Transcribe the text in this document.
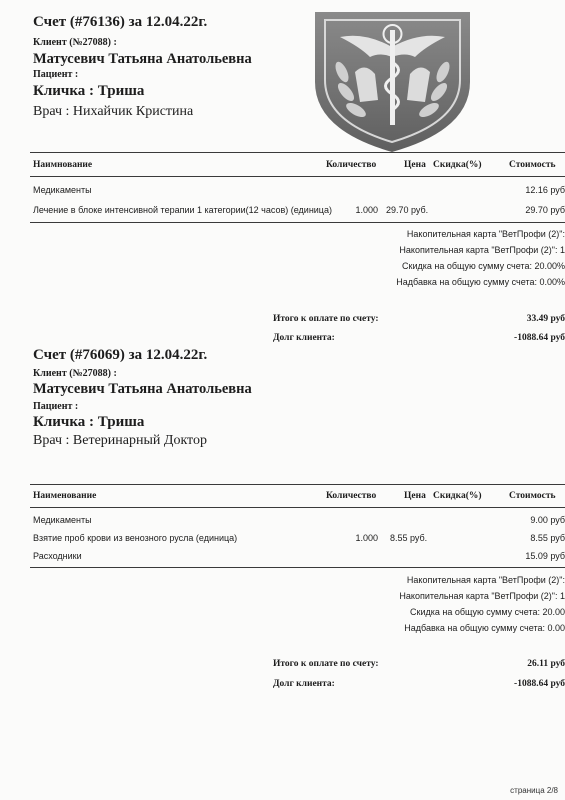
Счет (#76136) за 12.04.22г.
Клиент (№27088) :
Матусевич Татьяна Анатольевна
Пациент :
Кличка : Триша
Врач : Нихайчик Кристина
Наимнование	Количество	Цена Скидка(%)	Стоимость
Медикаменты	12.16 руб
Лечение в блоке интенсивной терапии 1 категории(12 часов) (единица)	1.000 29.70 руб.	29.70 руб
Накопительная карта "ВетПрофи (2)":
Накопительная карта "ВетПрофи (2)": 1
Скидка на общую сумму счета: 20.00%
Надбавка на общую сумму счета: 0.00%
Итого к оплате по счету:	33.49 руб
Долг клиента:	-1088.64 руб
Счет (#76069) за 12.04.22г.
Клиент (№27088) :
Матусевич Татьяна Анатольевна
Пациент :
Кличка : Триша
Врач : Ветеринарный Доктор
Наименование	Количество	Цена Скидка(%)	Стоимость
Медикаменты	9.00 руб
Взятие проб крови из венозного русла (единица)	1.000 8.55 руб.	8.55 руб
Расходники	15.09 руб
Накопительная карта "ВетПрофи (2)":
Накопительная карта "ВетПрофи (2)": 1
Скидка на общую сумму счета: 20.00
Надбавка на общую сумму счета: 0.00
Итого к оплате по счету:	26.11 руб
Долг клиента:	-1088.64 руб
страница 2/8
